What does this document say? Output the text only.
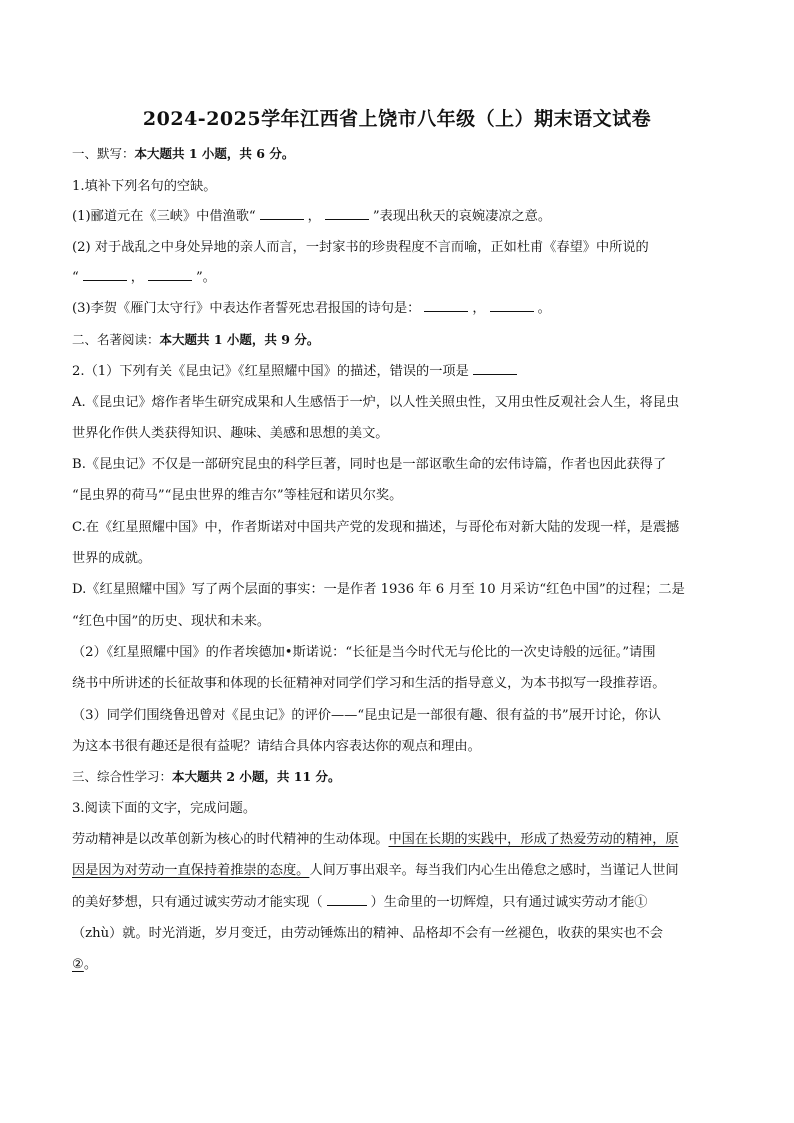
2024-2025学年江西省上饶市八年级（上）期末语文试卷
一、默写：本大题共 1 小题，共 6 分。
1.填补下列名句的空缺。
(1)郦道元在《三峡》中借渔歌“	，	”表现出秋天的哀婉凄凉之意。
(2) 对于战乱之中身处异地的亲人而言，一封家书的珍贵程度不言而喻，正如杜甫《春望》中所说的
“	，	”。
(3)李贺《雁门太守行》中表达作者誓死忠君报国的诗句是：	，	。
二、名著阅读：本大题共 1 小题，共 9 分。
2.（1）下列有关《昆虫记》《红星照耀中国》的描述，错误的一项是
A.《昆虫记》熔作者毕生研究成果和人生感悟于一炉，以人性关照虫性，又用虫性反观社会人生，将昆虫
世界化作供人类获得知识、趣味、美感和思想的美文。
B.《昆虫记》不仅是一部研究昆虫的科学巨著，同时也是一部讴歌生命的宏伟诗篇，作者也因此获得了
“昆虫界的荷马”“昆虫世界的维吉尔”等桂冠和诺贝尔奖。
C.在《红星照耀中国》中，作者斯诺对中国共产党的发现和描述，与哥伦布对新大陆的发现一样，是震撼
世界的成就。
D.《红星照耀中国》写了两个层面的事实：一是作者 1936 年 6 月至 10 月采访“红色中国”的过程；二是
“红色中国”的历史、现状和未来。
（2）《红星照耀中国》的作者埃德加•斯诺说：“长征是当今时代无与伦比的一次史诗般的远征。”请围
绕书中所讲述的长征故事和体现的长征精神对同学们学习和生活的指导意义，为本书拟写一段推荐语。
（3）同学们围绕鲁迅曾对《昆虫记》的评价——“昆虫记是一部很有趣、很有益的书”展开讨论，你认
为这本书很有趣还是很有益呢？请结合具体内容表达你的观点和理由。
三、综合性学习：本大题共 2 小题，共 11 分。
3.阅读下面的文字，完成问题。
劳动精神是以改革创新为核心的时代精神的生动体现。中国在长期的实践中，形成了热爱劳动的精神，原
因是因为对劳动一直保持着推崇的态度。人间万事出艰辛。每当我们内心生出倦怠之感时，当谨记人世间
的美好梦想，只有通过诚实劳动才能实现（	）生命里的一切辉煌，只有通过诚实劳动才能①
（zhù）就。时光消逝，岁月变迁，由劳动锤炼出的精神、品格却不会有一丝褪色，收获的果实也不会
②。
